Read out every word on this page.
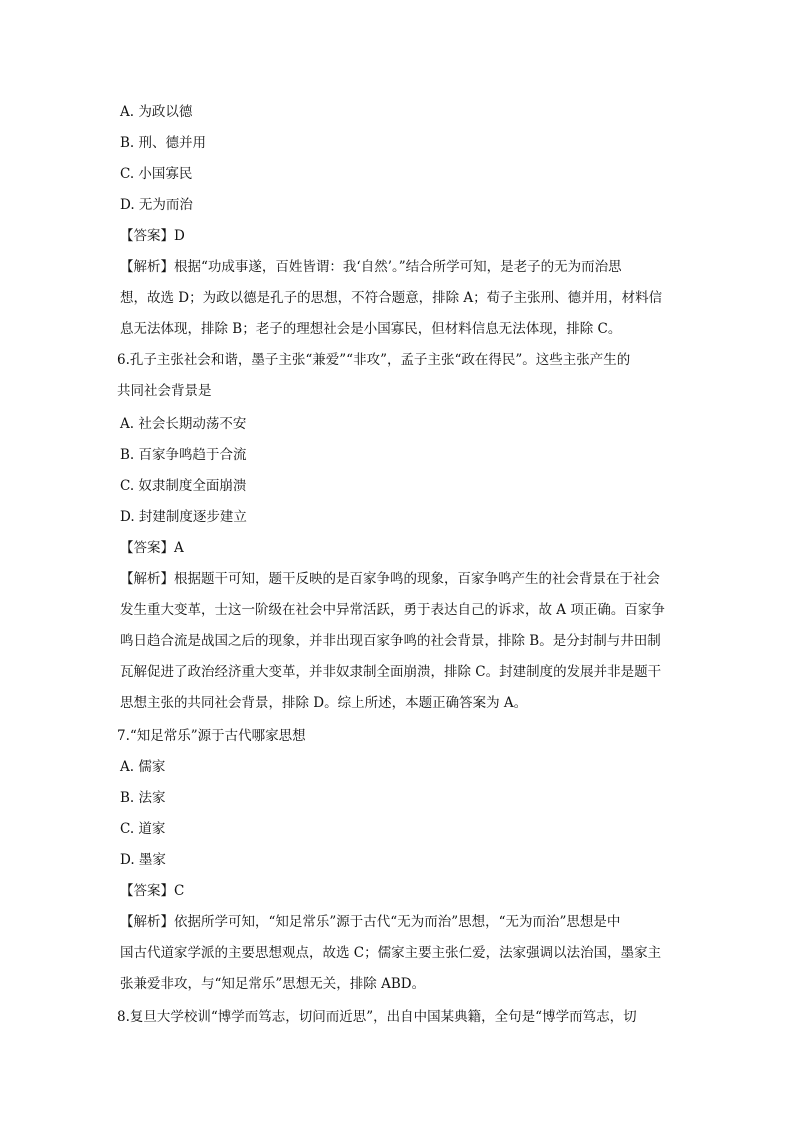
A. 为政以德
B. 刑、德并用
C. 小国寡民
D. 无为而治
【答案】D
【解析】根据“功成事遂，百姓皆谓：我‘自然’。”结合所学可知，是老子的无为而治思
想，故选 D；为政以德是孔子的思想，不符合题意，排除 A；荀子主张刑、德并用，材料信
息无法体现，排除 B；老子的理想社会是小国寡民，但材料信息无法体现，排除 C。
6.孔子主张社会和谐，墨子主张“兼爱”“非攻”，孟子主张“政在得民”。这些主张产生的
共同社会背景是
A. 社会长期动荡不安
B. 百家争鸣趋于合流
C. 奴隶制度全面崩溃
D. 封建制度逐步建立
【答案】A
【解析】根据题干可知，题干反映的是百家争鸣的现象，百家争鸣产生的社会背景在于社会
发生重大变革，士这一阶级在社会中异常活跃，勇于表达自己的诉求，故 A 项正确。百家争
鸣日趋合流是战国之后的现象，并非出现百家争鸣的社会背景，排除 B。是分封制与井田制
瓦解促进了政治经济重大变革，并非奴隶制全面崩溃，排除 C。封建制度的发展并非是题干
思想主张的共同社会背景，排除 D。综上所述，本题正确答案为 A。
7.“知足常乐”源于古代哪家思想
A. 儒家
B. 法家
C. 道家
D. 墨家
【答案】C
【解析】依据所学可知，“知足常乐”源于古代“无为而治”思想，“无为而治”思想是中
国古代道家学派的主要思想观点，故选 C；儒家主要主张仁爱，法家强调以法治国，墨家主
张兼爱非攻，与“知足常乐”思想无关，排除 ABD。
8.复旦大学校训“博学而笃志，切问而近思”，出自中国某典籍，全句是“博学而笃志，切
